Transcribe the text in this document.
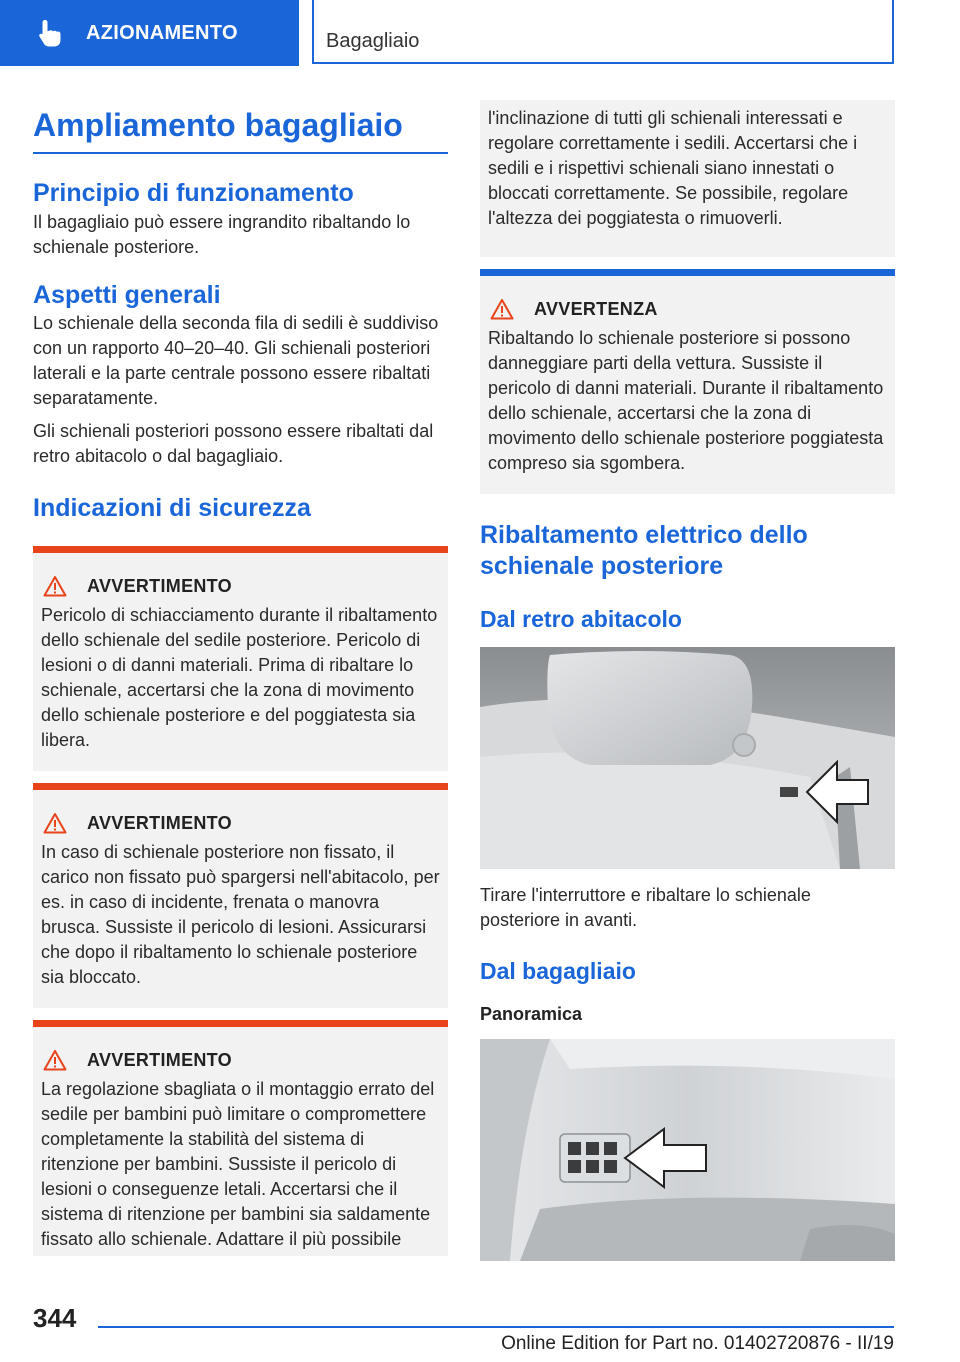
AZIONAMENTO	Bagagliaio
Ampliamento bagagliaio
Principio di funzionamento

Il bagagliaio può essere ingrandito ribaltando lo schienale posteriore.

Aspetti generali

Lo schienale della seconda fila di sedili è suddiviso con un rapporto 40–20–40. Gli schienali posteriori laterali e la parte centrale possono essere ribaltati separatamente.

Gli schienali posteriori possono essere ribaltati dal retro abitacolo o dal bagagliaio.

Indicazioni di sicurezza
AVVERTIMENTO

Pericolo di schiacciamento durante il ribaltamento dello schienale del sedile posteriore. Pericolo di lesioni o di danni materiali. Prima di ribaltare lo schienale, accertarsi che la zona di movimento dello schienale posteriore e del poggiatesta sia libera.

AVVERTIMENTO

In caso di schienale posteriore non fissato, il carico non fissato può spargersi nell'abitacolo, per es. in caso di incidente, frenata o manovra brusca. Sussiste il pericolo di lesioni. Assicurarsi che dopo il ribaltamento lo schienale posteriore sia bloccato.

AVVERTIMENTO

La regolazione sbagliata o il montaggio errato del sedile per bambini può limitare o compromettere completamente la stabilità del sistema di ritenzione per bambini. Sussiste il pericolo di lesioni o conseguenze letali. Accertarsi che il sistema di ritenzione per bambini sia saldamente fissato allo schienale. Adattare il più possibile

l'inclinazione di tutti gli schienali interessati e regolare correttamente i sedili. Accertarsi che i sedili e i rispettivi schienali siano innestati o bloccati correttamente. Se possibile, regolare l'altezza dei poggiatesta o rimuoverli.

AVVERTENZA

Ribaltando lo schienale posteriore si possono danneggiare parti della vettura. Sussiste il pericolo di danni materiali. Durante il ribaltamento dello schienale, accertarsi che la zona di movimento dello schienale posteriore poggiatesta compreso sia sgombera.

Ribaltamento elettrico dello schienale posteriore
Dal retro abitacolo

Tirare l'interruttore e ribaltare lo schienale posteriore in avanti.

Dal bagagliaio
Panoramica
344
Online Edition for Part no. 01402720876 - II/19
